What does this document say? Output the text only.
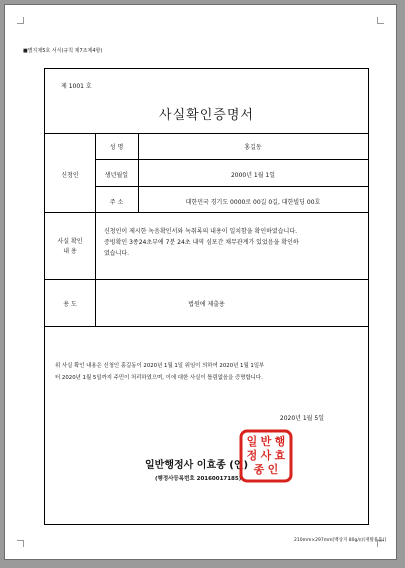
■별지제5호 서식(규칙 제7조제4항)
제 1001 호
사실확인증명서
신청인
성 명	홍길동
생년월일	2000년 1월 1일
주 소	대한민국 경기도 0000로 00길 0길, 대한빌딩 00호
사실 확인
내 용

신청인이 제시한 녹음확인서와 녹취록의 내용이 일치함을 확인하였습니다.

증빙확인 3종24초부에 7분 24초 내역 심포간 채무관계가 있었음을 확인하

였습니다.

용 도	법원에 제출용

위 사실 확인 내용은 신청인 홍길동이 2020년 1월 1일 위임이 의하여 2020년 1월 1일부

터 2020년 1월 5일까지 주민이 처리하였으며, 이에 대한 사실이 틀림없음을 증명합니다.

2020년 1월 5일
일반행정사 이효종 (인)
(행정사등록번호 20160017185)
일 반 행
정 사 효
종 인
210mm×297mm[백상지 80g/㎡(재활용품)]
